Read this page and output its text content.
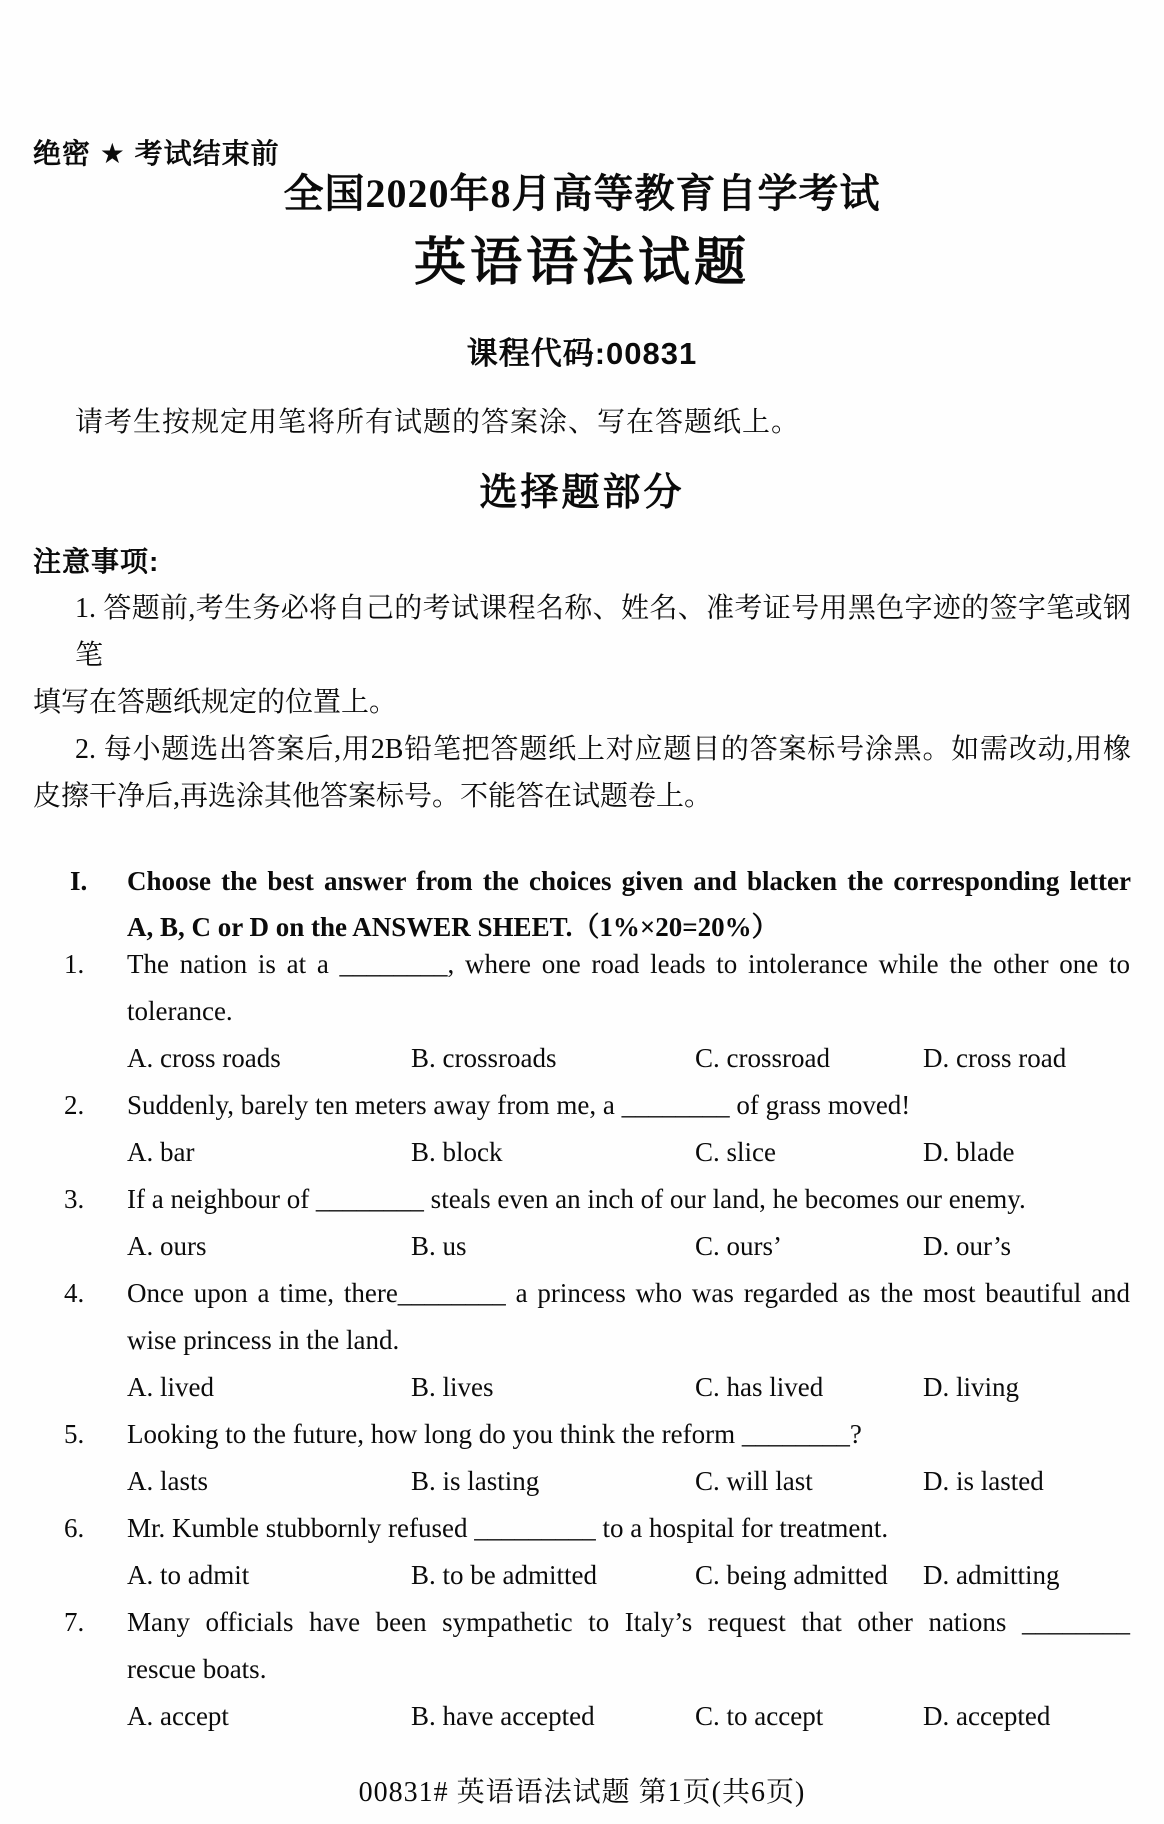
绝密 ★ 考试结束前
全国2020年8月高等教育自学考试
英语语法试题
课程代码:00831
请考生按规定用笔将所有试题的答案涂、写在答题纸上。
选择题部分
注意事项:
1. 答题前,考生务必将自己的考试课程名称、姓名、准考证号用黑色字迹的签字笔或钢笔
填写在答题纸规定的位置上。
2. 每小题选出答案后,用2B铅笔把答题纸上对应题目的答案标号涂黑。如需改动,用橡
皮擦干净后,再选涂其他答案标号。不能答在试题卷上。
I.	Choose the best answer from the choices given and blacken the corresponding letter
A, B, C or D on the ANSWER SHEET.（1%×20=20%）
1. The nation is at a ________, where one road leads to intolerance while the other one to
tolerance.
A. cross roads	B. crossroads	C. crossroad	D. cross road
2. Suddenly, barely ten meters away from me, a ________ of grass moved!
A. bar	B. block	C. slice	D. blade
3. If a neighbour of ________ steals even an inch of our land, he becomes our enemy.
A. ours	B. us	C. ours’	D. our’s
4. Once upon a time, there________ a princess who was regarded as the most beautiful and
wise princess in the land.
A. lived	B. lives	C. has lived	D. living
5. Looking to the future, how long do you think the reform ________?
A. lasts	B. is lasting	C. will last	D. is lasted
6. Mr. Kumble stubbornly refused _________ to a hospital for treatment.
A. to admit	B. to be admitted	C. being admitted	D. admitting
7. Many officials have been sympathetic to Italy’s request that other nations ________
rescue boats.
A. accept	B. have accepted	C. to accept	D. accepted
00831# 英语语法试题 第1页(共6页)
